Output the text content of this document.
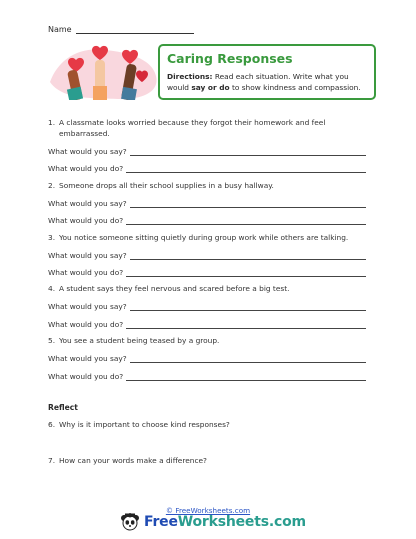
Name
Caring Responses
Directions: Read each situation. Write what you would say or do to show kindness and compassion.
1. A classmate looks worried because they forgot their homework and feel embarrassed.
What would you say?
What would you do?
2. Someone drops all their school supplies in a busy hallway.
What would you say?
What would you do?
3. You notice someone sitting quietly during group work while others are talking.
What would you say?
What would you do?
4. A student says they feel nervous and scared before a big test.
What would you say?
What would you do?
5. You see a student being teased by a group.
What would you say?
What would you do?
Reflect
6. Why is it important to choose kind responses?
7. How can your words make a difference?
© FreeWorksheets.com
FreeWorksheets.com
